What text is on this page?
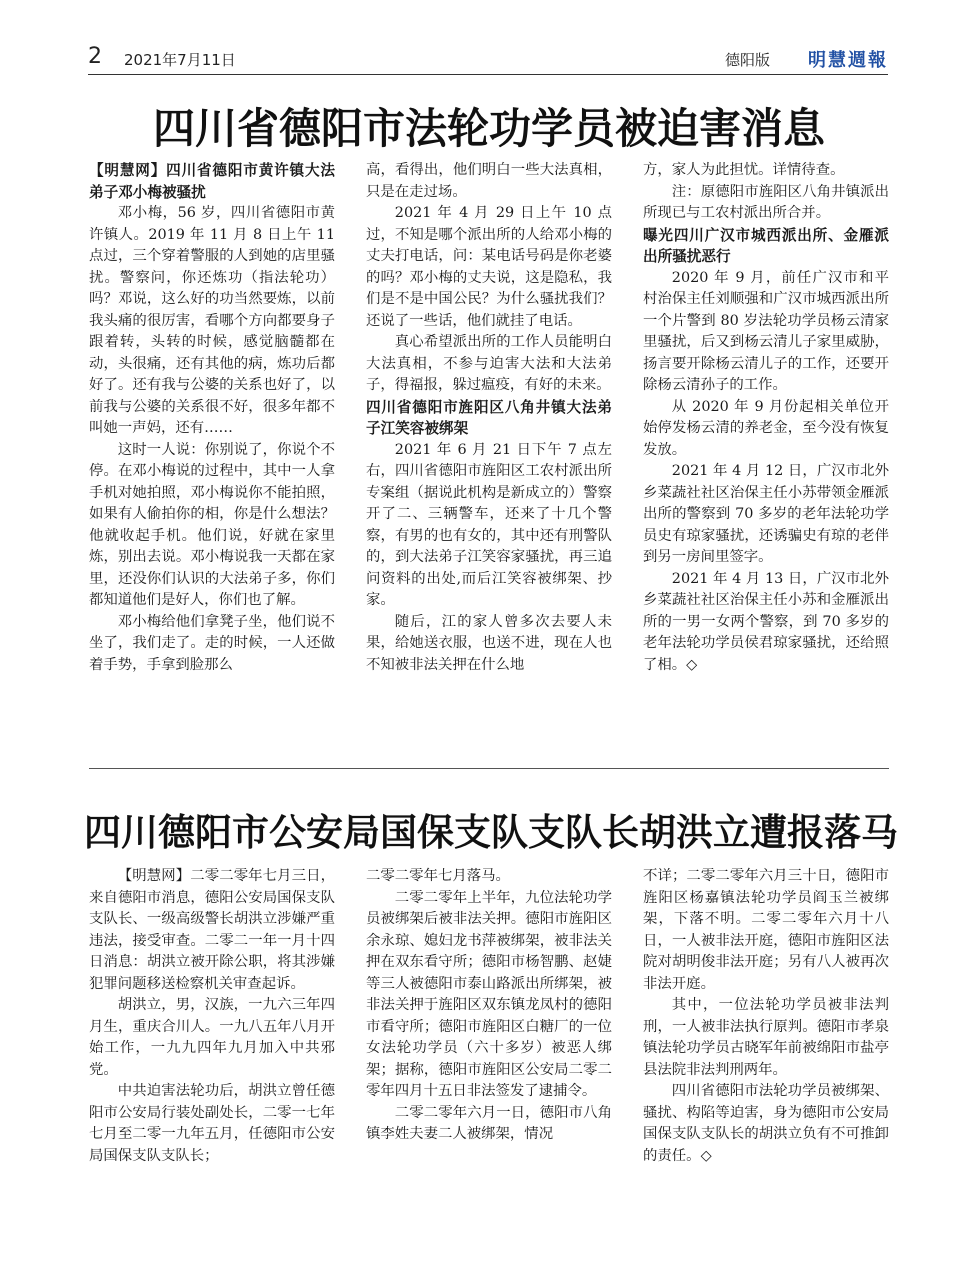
2 2021年7月11日	德阳版 明慧週報
四川省德阳市法轮功学员被迫害消息
【明慧网】四川省德阳市黄许镇大法弟子邓小梅被骚扰

邓小梅，56 岁，四川省德阳市黄许镇人。2019 年 11 月 8 日上午 11 点过，三个穿着警服的人到她的店里骚扰。警察问，你还炼功（指法轮功）吗？邓说，这么好的功当然要炼，以前我头痛的很厉害，看哪个方向都要身子跟着转，头转的时候，感觉脑髓都在动，头很痛，还有其他的病，炼功后都好了。还有我与公婆的关系也好了，以前我与公婆的关系很不好，很多年都不叫她一声妈，还有……

这时一人说：你别说了，你说个不停。在邓小梅说的过程中，其中一人拿手机对她拍照，邓小梅说你不能拍照，如果有人偷拍你的相，你是什么想法？他就收起手机。他们说，好就在家里炼，别出去说。邓小梅说我一天都在家里，还没你们认识的大法弟子多，你们都知道他们是好人，你们也了解。

邓小梅给他们拿凳子坐，他们说不坐了，我们走了。走的时候，一人还做着手势，手拿到脸那么

高，看得出，他们明白一些大法真相，只是在走过场。

2021 年 4 月 29 日上午 10 点过，不知是哪个派出所的人给邓小梅的丈夫打电话，问：某电话号码是你老婆的吗？邓小梅的丈夫说，这是隐私，我们是不是中国公民？为什么骚扰我们？还说了一些话，他们就挂了电话。

真心希望派出所的工作人员能明白大法真相，不参与迫害大法和大法弟子，得福报，躲过瘟疫，有好的未来。

四川省德阳市旌阳区八角井镇大法弟子江笑容被绑架

2021 年 6 月 21 日下午 7 点左右，四川省德阳市旌阳区工农村派出所专案组（据说此机构是新成立的）警察开了二、三辆警车，还来了十几个警察，有男的也有女的，其中还有刑警队的，到大法弟子江笑容家骚扰，再三追问资料的出处,而后江笑容被绑架、抄家。

随后，江的家人曾多次去要人未果，给她送衣服，也送不进，现在人也不知被非法关押在什么地

方，家人为此担忧。详情待查。

注：原德阳市旌阳区八角井镇派出所现已与工农村派出所合并。

曝光四川广汉市城西派出所、金雁派出所骚扰恶行

2020 年 9 月，前任广汉市和平村治保主任刘顺强和广汉市城西派出所一个片警到 80 岁法轮功学员杨云清家里骚扰，后又到杨云清儿子家里威胁，扬言要开除杨云清儿子的工作，还要开除杨云清孙子的工作。

从 2020 年 9 月份起相关单位开始停发杨云清的养老金，至今没有恢复发放。

2021 年 4 月 12 日，广汉市北外乡菜蔬社社区治保主任小苏带领金雁派出所的警察到 70 多岁的老年法轮功学员史有琼家骚扰，还诱骗史有琼的老伴到另一房间里签字。

2021 年 4 月 13 日，广汉市北外乡菜蔬社社区治保主任小苏和金雁派出所的一男一女两个警察，到 70 多岁的老年法轮功学员侯君琼家骚扰，还给照了相。◇

四川德阳市公安局国保支队支队长胡洪立遭报落马

【明慧网】二零二零年七月三日，来自德阳市消息，德阳公安局国保支队支队长、一级高级警长胡洪立涉嫌严重违法，接受审查。二零二一年一月十四日消息：胡洪立被开除公职，将其涉嫌犯罪问题移送检察机关审查起诉。

胡洪立，男，汉族，一九六三年四月生，重庆合川人。一九八五年八月开始工作，一九九四年九月加入中共邪党。

中共迫害法轮功后，胡洪立曾任德阳市公安局行装处副处长，二零一七年七月至二零一九年五月，任德阳市公安局国保支队支队长；

二零二零年七月落马。

二零二零年上半年，九位法轮功学员被绑架后被非法关押。德阳市旌阳区余永琼、媳妇龙书萍被绑架，被非法关押在双东看守所；德阳市杨智鹏、赵婕等三人被德阳市泰山路派出所绑架，被非法关押于旌阳区双东镇龙凤村的德阳市看守所；德阳市旌阳区白糖厂的一位女法轮功学员（六十多岁）被恶人绑架；据称，德阳市旌阳区公安局二零二零年四月十五日非法签发了逮捕令。

二零二零年六月一日，德阳市八角镇李姓夫妻二人被绑架，情况

不详；二零二零年六月三十日，德阳市旌阳区杨嘉镇法轮功学员阎玉兰被绑架，下落不明。二零二零年六月十八日，一人被非法开庭，德阳市旌阳区法院对胡明俊非法开庭；另有八人被再次非法开庭。

其中，一位法轮功学员被非法判刑，一人被非法执行原判。德阳市孝泉镇法轮功学员古晓军年前被绵阳市盐亭县法院非法判刑两年。

四川省德阳市法轮功学员被绑架、骚扰、构陷等迫害，身为德阳市公安局国保支队支队长的胡洪立负有不可推卸的责任。◇
